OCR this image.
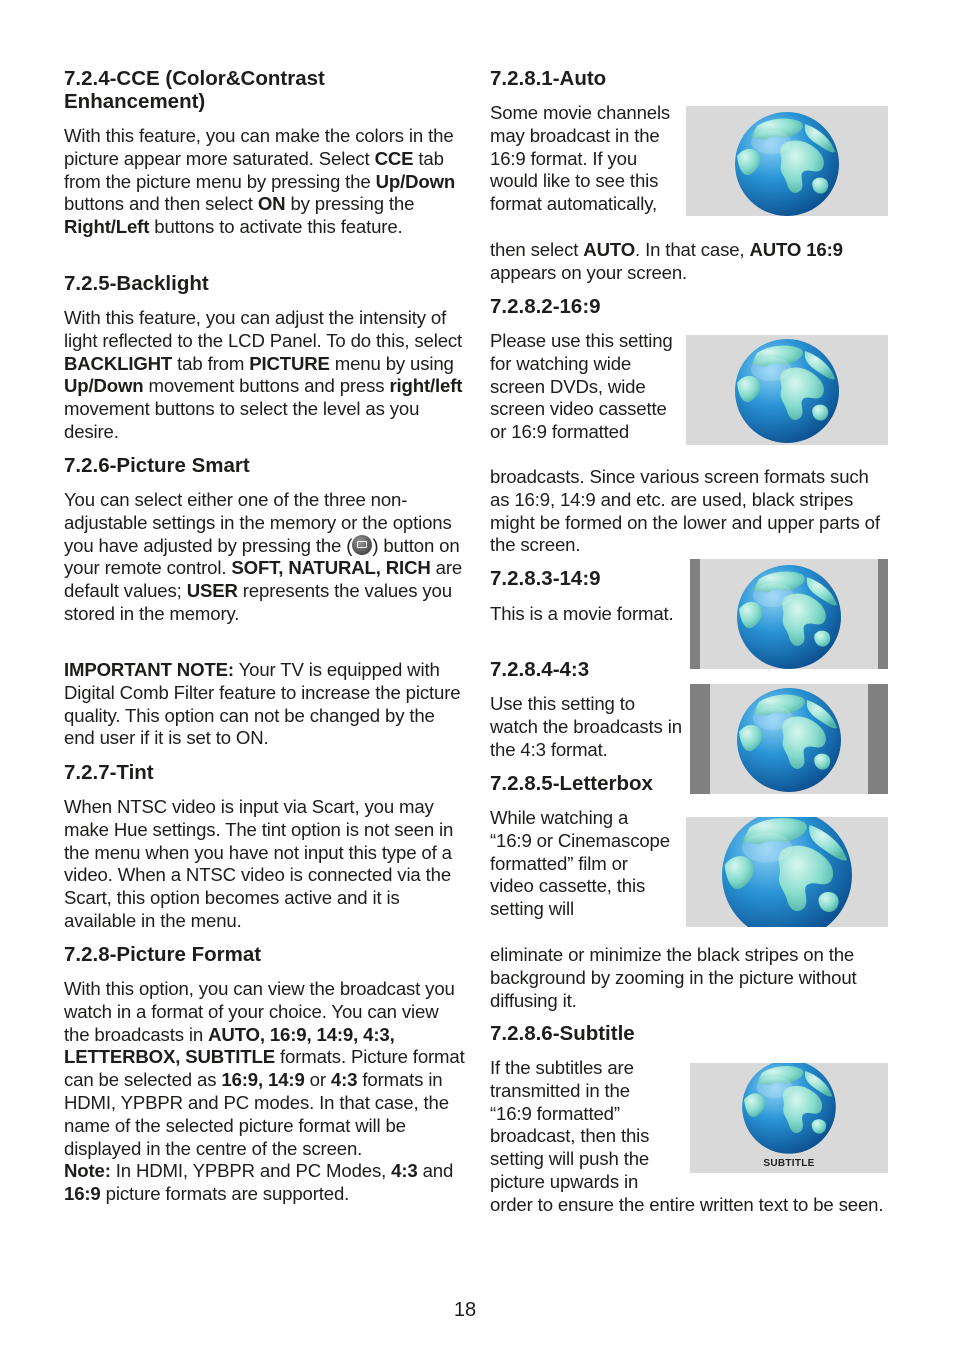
7.2.4-CCE (Color&Contrast Enhancement)

With this feature, you can make the colors in the picture appear more saturated. Select CCE tab from the picture menu by pressing the Up/Down buttons and then select ON by pressing the Right/Left buttons to activate this feature.

7.2.5-Backlight

With this feature, you can adjust the intensity of light reflected to the LCD Panel. To do this, select BACKLIGHT tab from PICTURE menu by using Up/Down movement buttons and press right/left movement buttons to select the level as you desire.

7.2.6-Picture Smart

You can select either one of the three non-adjustable settings in the memory or the options you have adjusted by pressing the ( ) button on your remote control. SOFT, NATURAL, RICH are default values; USER represents the values you stored in the memory.

IMPORTANT NOTE: Your TV is equipped with Digital Comb Filter feature to increase the picture quality. This option can not be changed by the end user if it is set to ON.

7.2.7-Tint

When NTSC video is input via Scart, you may make Hue settings. The tint option is not seen in the menu when you have not input this type of a video. When a NTSC video is connected via the Scart, this option becomes active and it is available in the menu.

7.2.8-Picture Format

With this option, you can view the broadcast you watch in a format of your choice. You can view the broadcasts in AUTO, 16:9, 14:9, 4:3, LETTERBOX, SUBTITLE formats. Picture format can be selected as 16:9, 14:9 or 4:3 formats in HDMI, YPBPR and PC modes. In that case, the name of the selected picture format will be displayed in the centre of the screen.
Note: In HDMI, YPBPR and PC Modes, 4:3 and 16:9 picture formats are supported.

7.2.8.1-Auto

Some movie channels may broadcast in the 16:9 format. If you would like to see this format automatically,

then select AUTO. In that case, AUTO 16:9 appears on your screen.

7.2.8.2-16:9

Please use this setting for watching wide screen DVDs, wide screen video cassette or 16:9 formatted

broadcasts. Since various screen formats such as 16:9, 14:9 and etc. are used, black stripes might be formed on the lower and upper parts of the screen.

7.2.8.3-14:9

This is a movie format.

7.2.8.4-4:3

Use this setting to watch the broadcasts in the 4:3 format.

7.2.8.5-Letterbox

While watching a “16:9 or Cinemascope formatted” film or video cassette, this setting will

eliminate or minimize the black stripes on the background by zooming in the picture without diffusing it.

7.2.8.6-Subtitle

If the subtitles are transmitted in the “16:9 formatted” broadcast, then this setting will push the picture upwards in

order to ensure the entire written text to be seen.

SUBTITLE
18
